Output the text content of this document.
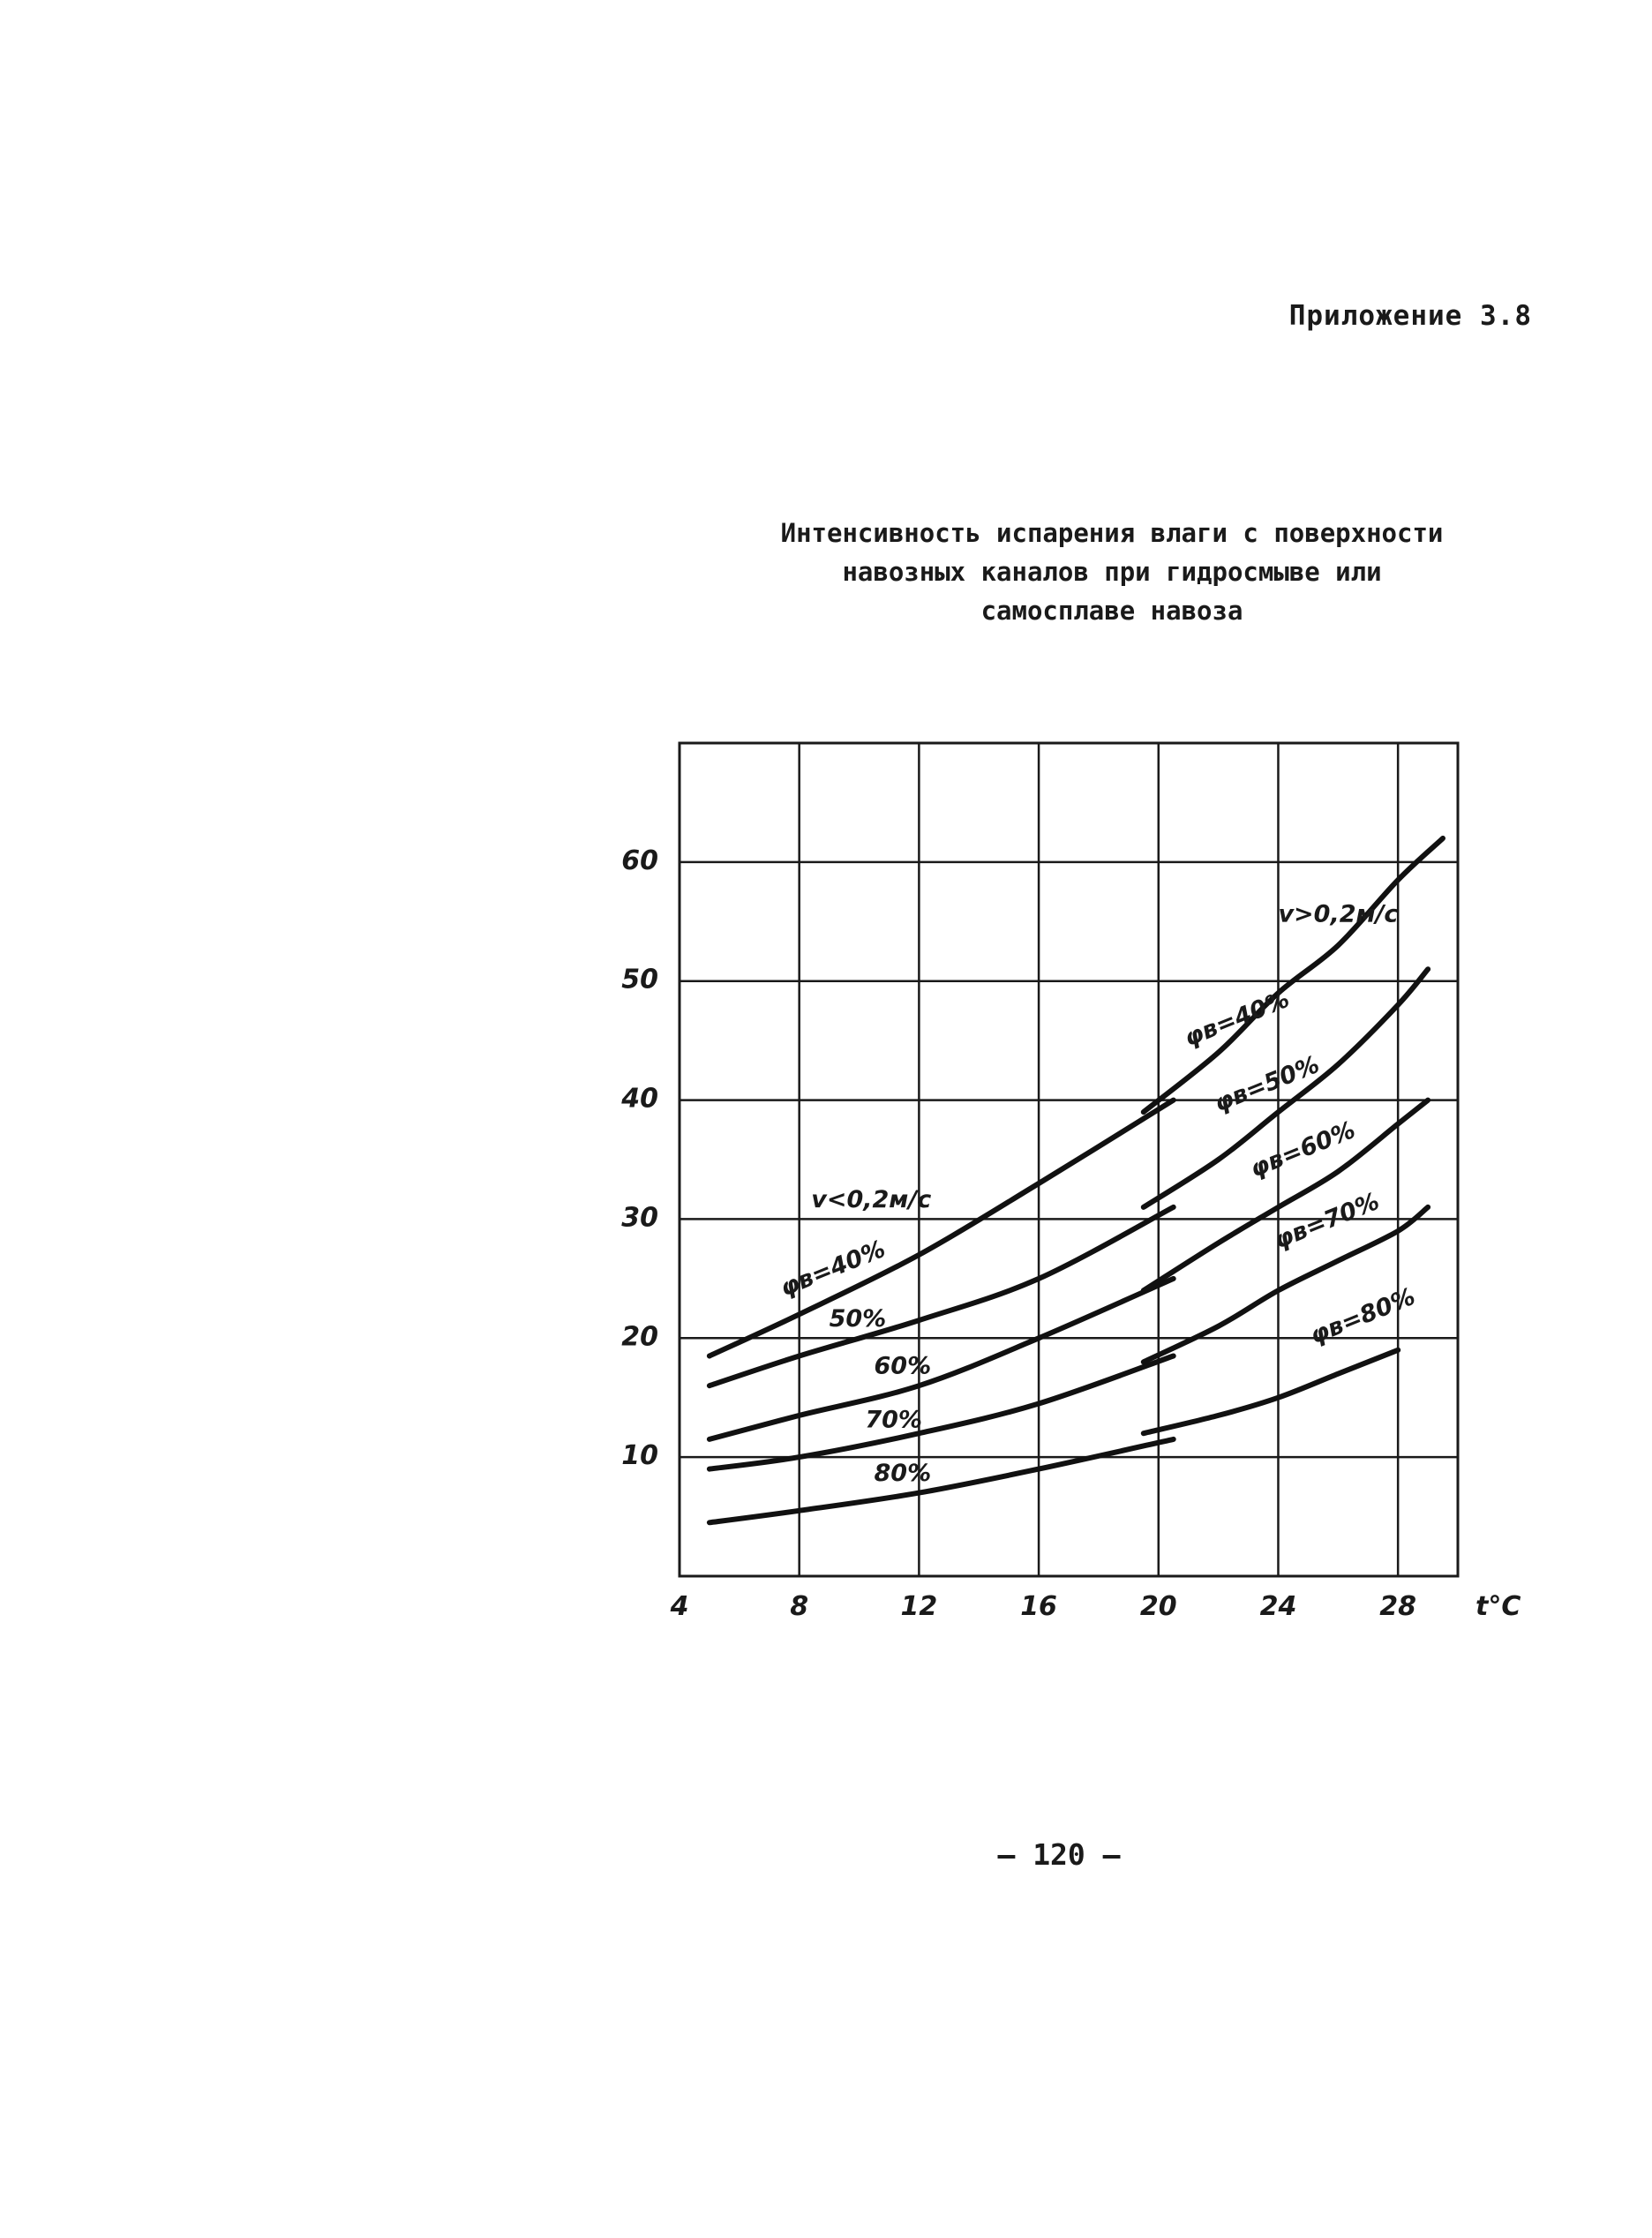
Приложение 3.8
Интенсивность испарения влаги с поверхности
навозных каналов при гидросмыве или
самосплаве навоза
4	8	12	16	20	24	28
10
20
30
40
50
60
v<0,2м/с
φв=40%
50%
60%
70%
80%
v>0,2м/с
φв=40%
φв=50%
φв=60%
φв=70%
φв=80%
t°C
– 120 –
